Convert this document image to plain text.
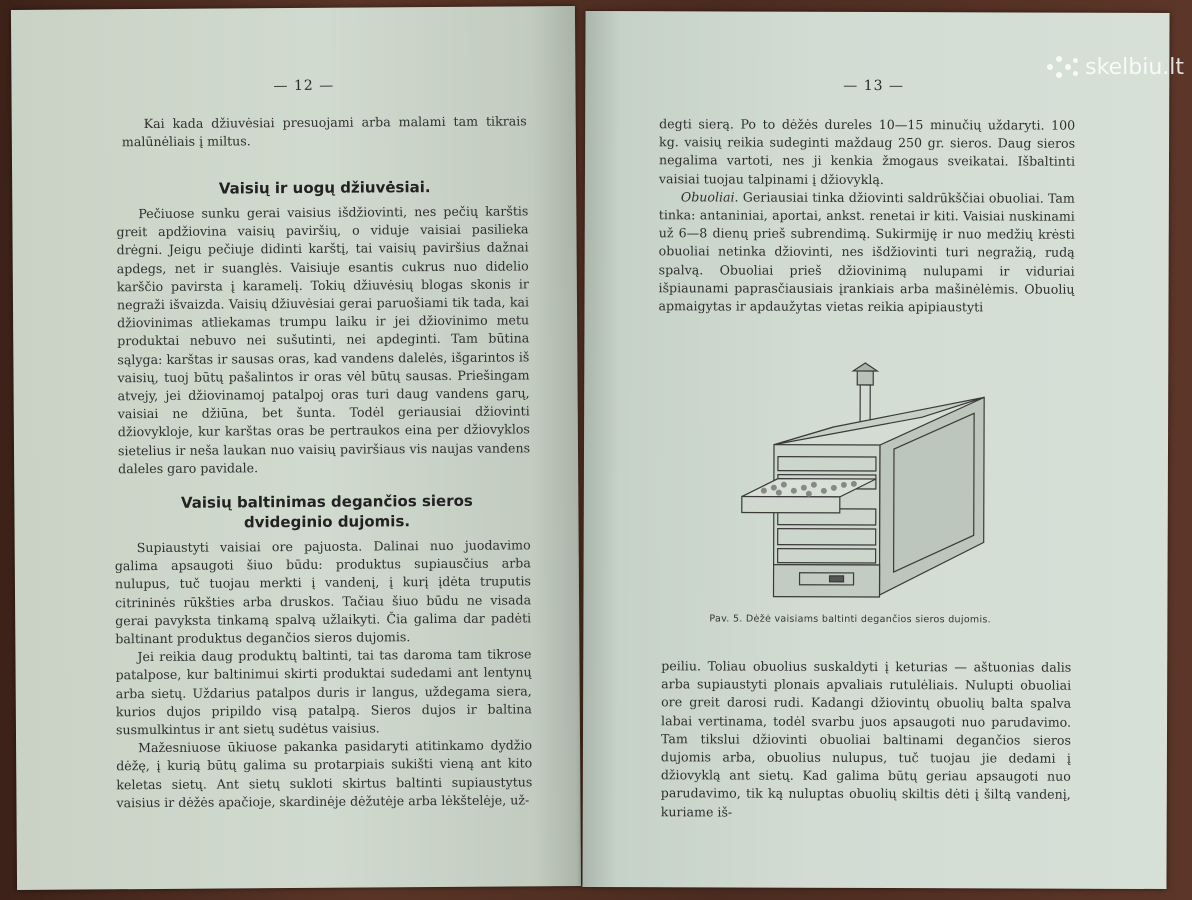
— 12 —

Kai kada džiuvėsiai presuojami arba malami tam tikrais malūnėliais į miltus.

Vaisių ir uogų džiuvėsiai.

Pečiuose sunku gerai vaisius išdžiovinti, nes pečių karštis greit apdžiovina vaisių paviršių, o viduje vaisiai pasilieka drėgni. Jeigu pečiuje didinti karštį, tai vaisių paviršius dažnai apdegs, net ir suanglės. Vaisiuje esantis cukrus nuo didelio karščio pavirsta į karamelį. Tokių džiuvėsių blogas skonis ir negraži išvaizda. Vaisių džiuvėsiai gerai paruošiami tik tada, kai džiovinimas atliekamas trumpu laiku ir jei džiovinimo metu produktai nebuvo nei sušutinti, nei apdeginti. Tam būtina sąlyga: karštas ir sausas oras, kad vandens dalelės, išgarintos iš vaisių, tuoj būtų pašalintos ir oras vėl būtų sausas. Priešingam atvejy, jei džiovinamoj patalpoj oras turi daug vandens garų, vaisiai ne džiūna, bet šunta. Todėl geriausiai džiovinti džiovykloje, kur karštas oras be pertraukos eina per džiovyklos sietelius ir neša laukan nuo vaisių paviršiaus vis naujas vandens daleles garo pavidale.

Vaisių baltinimas degančios sieros
dvideginio dujomis.

Supiaustyti vaisiai ore pajuosta. Dalinai nuo juodavimo galima apsaugoti šiuo būdu: produktus supiausčius arba nulupus, tuč tuojau merkti į vandenį, į kurį įdėta truputis citrininės rūkšties arba druskos. Tačiau šiuo būdu ne visada gerai pavyksta tinkamą spalvą užlaikyti. Čia galima dar padėti baltinant produktus degančios sieros dujomis.

Jei reikia daug produktų baltinti, tai tas daroma tam tikrose patalpose, kur baltinimui skirti produktai sudedami ant lentynų arba sietų. Uždarius patalpos duris ir langus, uždegama siera, kurios dujos pripildo visą patalpą. Sieros dujos ir baltina susmulkintus ir ant sietų sudėtus vaisius.

Mažesniuose ūkiuose pakanka pasidaryti atitinkamo dydžio dėžę, į kurią būtų galima su protarpiais sukišti vieną ant kito keletas sietų. Ant sietų sukloti skirtus baltinti supiaustytus vaisius ir dėžės apačioje, skardinėje dėžutėje arba lėkštelėje, už-

— 13 —

degti sierą. Po to dėžės dureles 10—15 minučių uždaryti. 100 kg. vaisių reikia sudeginti maždaug 250 gr. sieros. Daug sieros negalima vartoti, nes ji kenkia žmogaus sveikatai. Išbaltinti vaisiai tuojau talpinami į džiovyklą.

Obuoliai. Geriausiai tinka džiovinti saldrūkščiai obuoliai. Tam tinka: antaniniai, aportai, ankst. renetai ir kiti. Vaisiai nuskinami už 6—8 dienų prieš subrendimą. Sukirmiję ir nuo medžių krėsti obuoliai netinka džiovinti, nes išdžiovinti turi negražią, rudą spalvą. Obuoliai prieš džiovinimą nulupami ir viduriai išpiaunami paprasčiausiais įrankiais arba mašinėlėmis. Obuolių apmaigytas ir apdaužytas vietas reikia apipiaustyti

Pav. 5. Dėžė vaisiams baltinti degančios sieros dujomis.

peiliu. Toliau obuolius suskaldyti į keturias — aštuonias dalis arba supiaustyti plonais apvaliais rutulėliais. Nulupti obuoliai ore greit darosi rudi. Kadangi džiovintų obuolių balta spalva labai vertinama, todėl svarbu juos apsaugoti nuo parudavimo. Tam tikslui džiovinti obuoliai baltinami degančios sieros dujomis arba, obuolius nulupus, tuč tuojau jie dedami į džiovyklą ant sietų. Kad galima būtų geriau apsaugoti nuo parudavimo, tik ką nuluptas obuolių skiltis dėti į šiltą vandenį, kuriame iš-

skelbiu.lt
